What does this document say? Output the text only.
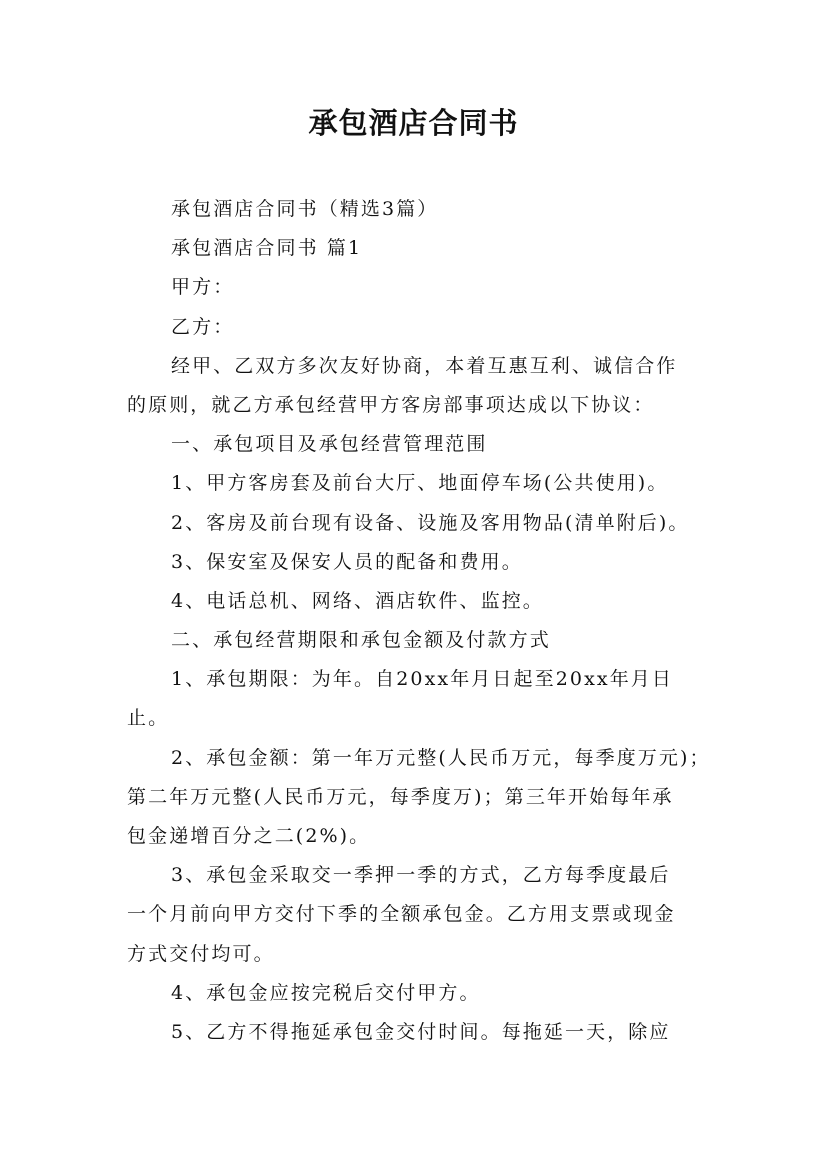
承包酒店合同书
承包酒店合同书（精选3篇）
承包酒店合同书 篇1
甲方：
乙方：
经甲、乙双方多次友好协商，本着互惠互利、诚信合作
的原则，就乙方承包经营甲方客房部事项达成以下协议：
一、承包项目及承包经营管理范围
1、甲方客房套及前台大厅、地面停车场(公共使用)。
2、客房及前台现有设备、设施及客用物品(清单附后)。
3、保安室及保安人员的配备和费用。
4、电话总机、网络、酒店软件、监控。
二、承包经营期限和承包金额及付款方式
1、承包期限：为年。自20xx年月日起至20xx年月日
止。
2、承包金额：第一年万元整(人民币万元，每季度万元)；
第二年万元整(人民币万元，每季度万)；第三年开始每年承
包金递增百分之二(2%)。
3、承包金采取交一季押一季的方式，乙方每季度最后
一个月前向甲方交付下季的全额承包金。乙方用支票或现金
方式交付均可。
4、承包金应按完税后交付甲方。
5、乙方不得拖延承包金交付时间。每拖延一天，除应
